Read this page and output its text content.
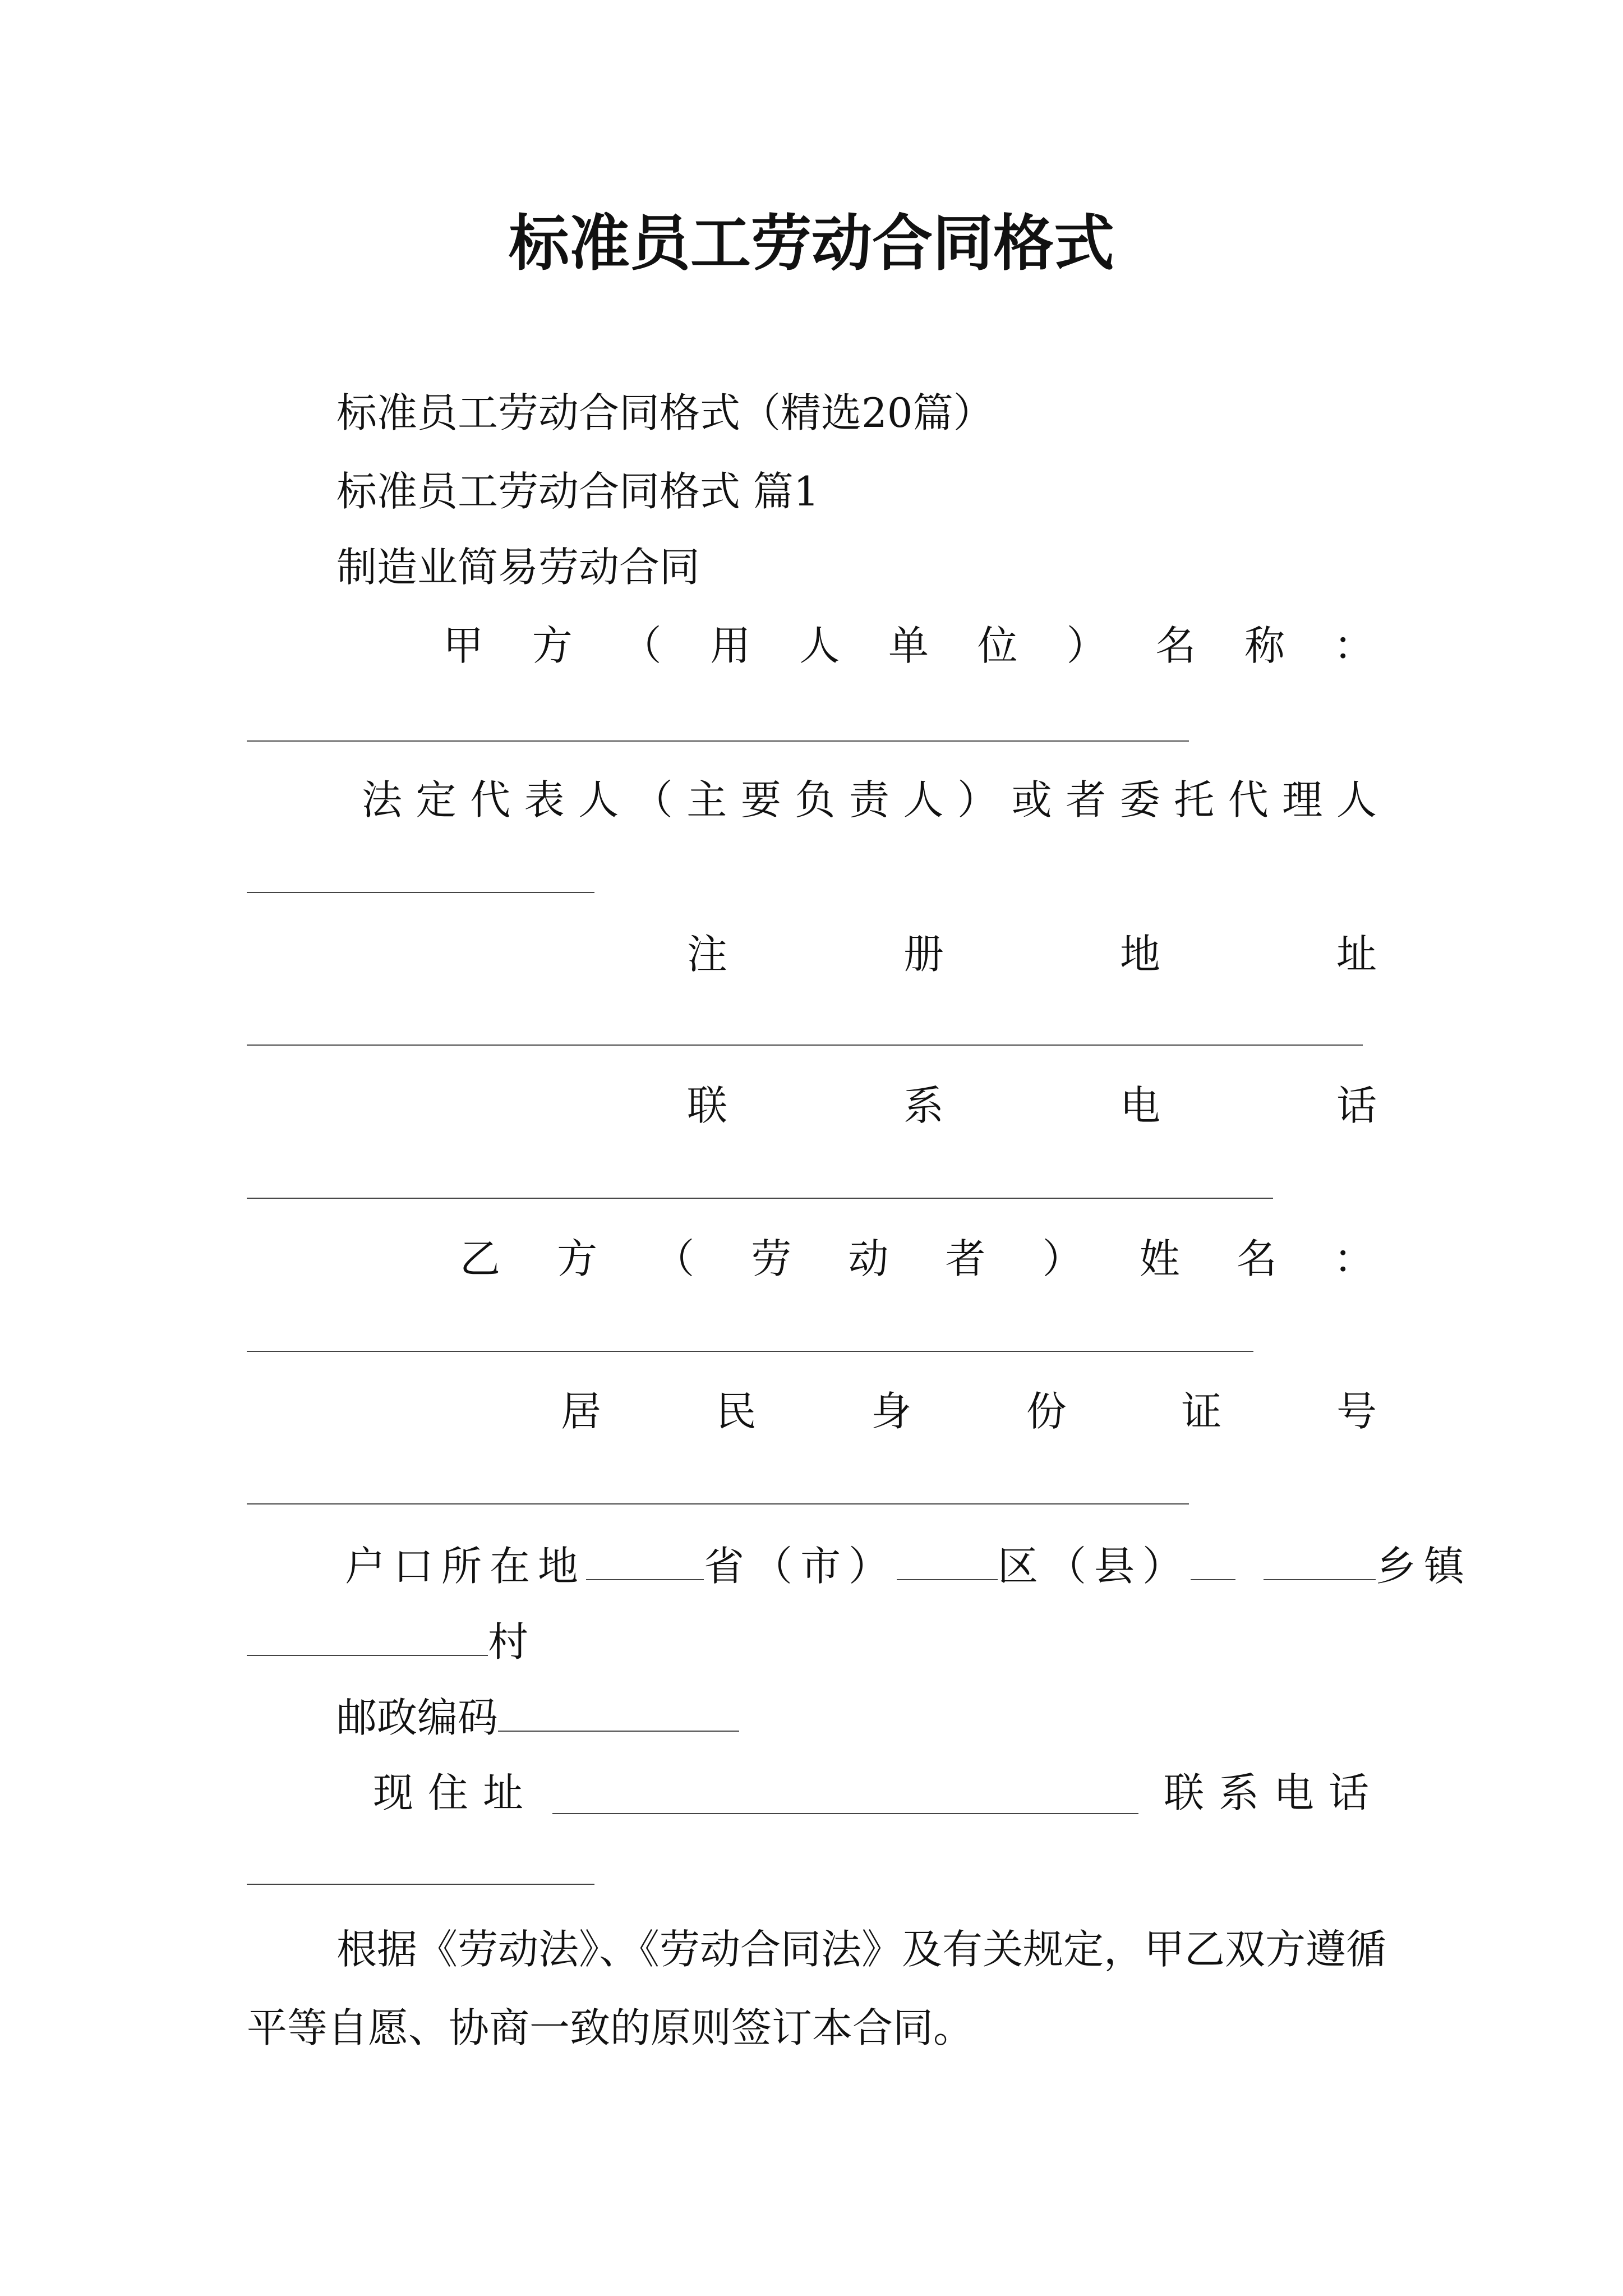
标准员工劳动合同格式
标准员工劳动合同格式（精选20篇）
标准员工劳动合同格式 篇1
制造业简易劳动合同
甲 方 （ 用 人 单 位 ） 名 称 ：
法 定 代 表 人 （ 主 要 负 责 人 ） 或 者 委 托 代 理 人
注	册	地	址
联	系	电	话
乙 方 （ 劳 动 者 ） 姓 名 ：
居	民	身	份	证	号
户口所在地	省（市）	区（县）	乡镇
村
邮政编码
现住址	联系电话
根据《劳动法》、《劳动合同法》及有关规定，甲乙双方遵循平等自愿、协商一致的原则签订本合同。
